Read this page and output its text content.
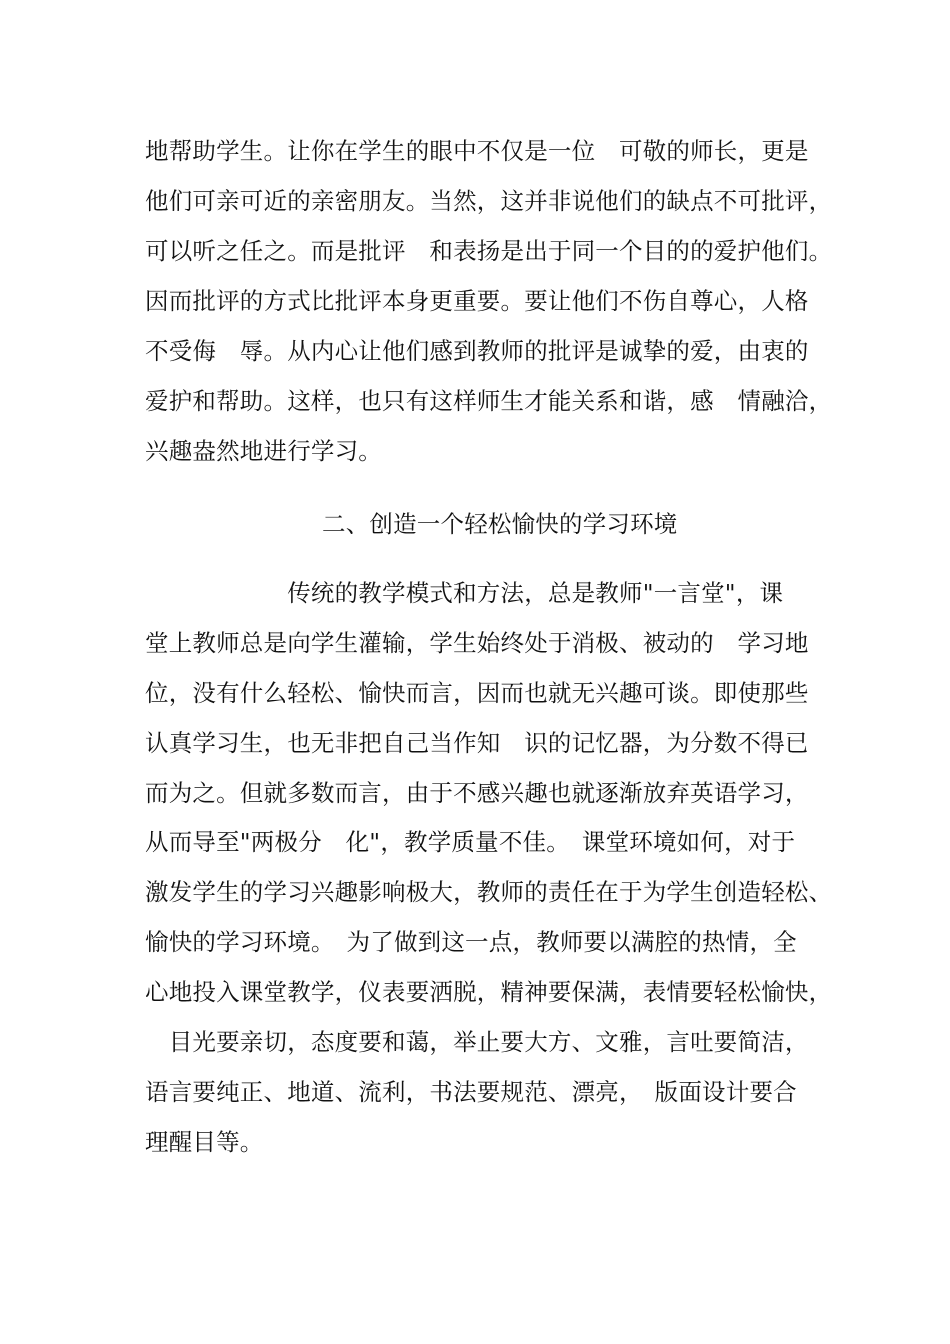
地帮助学生。让你在学生的眼中不仅是一位　可敬的师长，更是
他们可亲可近的亲密朋友。当然，这并非说他们的缺点不可批评，
可以听之任之。而是批评　和表扬是出于同一个目的的爱护他们。
因而批评的方式比批评本身更重要。要让他们不伤自尊心，人格
不受侮　辱。从内心让他们感到教师的批评是诚挚的爱，由衷的
爱护和帮助。这样，也只有这样师生才能关系和谐，感　情融洽，
兴趣盎然地进行学习。
二、创造一个轻松愉快的学习环境
　　　　　　传统的教学模式和方法，总是教师"一言堂"，课
堂上教师总是向学生灌输，学生始终处于消极、被动的　学习地
位，没有什么轻松、愉快而言，因而也就无兴趣可谈。即使那些
认真学习生，也无非把自己当作知　识的记忆器，为分数不得已
而为之。但就多数而言，由于不感兴趣也就逐渐放弃英语学习，
从而导至"两极分　化"，教学质量不佳。　课堂环境如何，对于
激发学生的学习兴趣影响极大，教师的责任在于为学生创造轻松、
愉快的学习环境。　为了做到这一点，教师要以满腔的热情，全
心地投入课堂教学，仪表要洒脱，精神要保满，表情要轻松愉快，
　目光要亲切，态度要和蔼，举止要大方、文雅，言吐要简洁，
语言要纯正、地道、流利，书法要规范、漂亮，　版面设计要合
理醒目等。
